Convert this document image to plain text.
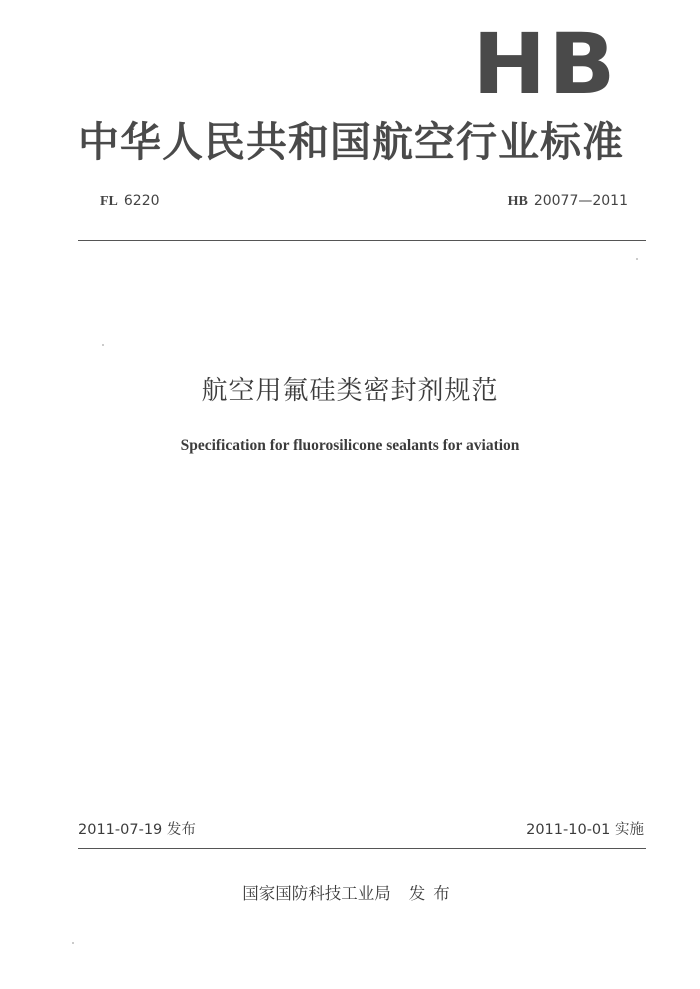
HB
中华人民共和国航空行业标准
FL 6220	HB 20077—2011
航空用氟硅类密封剂规范
Specification for fluorosilicone sealants for aviation
2011-07-19 发布	2011-10-01 实施
国家国防科技工业局 发布
